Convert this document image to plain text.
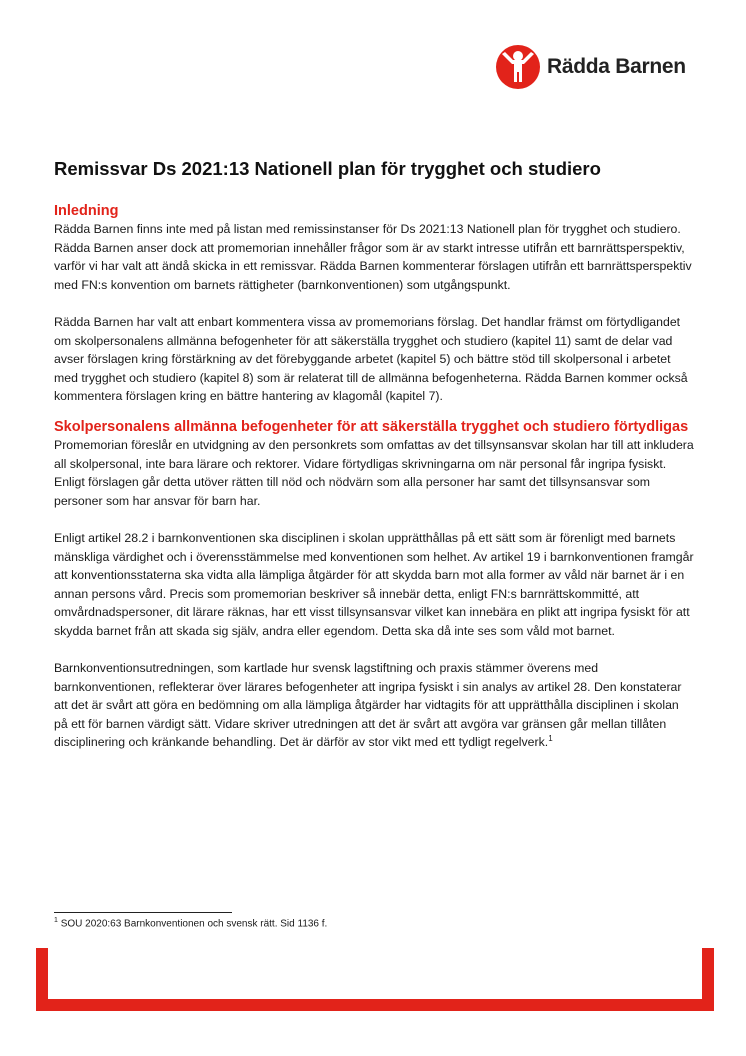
Rädda Barnen
Remissvar Ds 2021:13 Nationell plan för trygghet och studiero
Inledning

Rädda Barnen finns inte med på listan med remissinstanser för Ds 2021:13 Nationell plan för trygghet och studiero. Rädda Barnen anser dock att promemorian innehåller frågor som är av starkt intresse utifrån ett barnrättsperspektiv, varför vi har valt att ändå skicka in ett remissvar. Rädda Barnen kommenterar förslagen utifrån ett barnrättsperspektiv med FN:s konvention om barnets rättigheter (barnkonventionen) som utgångspunkt.

Rädda Barnen har valt att enbart kommentera vissa av promemorians förslag. Det handlar främst om förtydligandet om skolpersonalens allmänna befogenheter för att säkerställa trygghet och studiero (kapitel 11) samt de delar vad avser förslagen kring förstärkning av det förebyggande arbetet (kapitel 5) och bättre stöd till skolpersonal i arbetet med trygghet och studiero (kapitel 8) som är relaterat till de allmänna befogenheterna. Rädda Barnen kommer också kommentera förslagen kring en bättre hantering av klagomål (kapitel 7).

Skolpersonalens allmänna befogenheter för att säkerställa trygghet och studiero förtydligas

Promemorian föreslår en utvidgning av den personkrets som omfattas av det tillsynsansvar skolan har till att inkludera all skolpersonal, inte bara lärare och rektorer. Vidare förtydligas skrivningarna om när personal får ingripa fysiskt. Enligt förslagen går detta utöver rätten till nöd och nödvärn som alla personer har samt det tillsynsansvar som personer som har ansvar för barn har.

Enligt artikel 28.2 i barnkonventionen ska disciplinen i skolan upprätthållas på ett sätt som är förenligt med barnets mänskliga värdighet och i överensstämmelse med konventionen som helhet. Av artikel 19 i barnkonventionen framgår att konventionsstaterna ska vidta alla lämpliga åtgärder för att skydda barn mot alla former av våld när barnet är i en annan persons vård. Precis som promemorian beskriver så innebär detta, enligt FN:s barnrättskommitté, att omvårdnadspersoner, dit lärare räknas, har ett visst tillsynsansvar vilket kan innebära en plikt att ingripa fysiskt för att skydda barnet från att skada sig själv, andra eller egendom. Detta ska då inte ses som våld mot barnet.

Barnkonventionsutredningen, som kartlade hur svensk lagstiftning och praxis stämmer överens med barnkonventionen, reflekterar över lärares befogenheter att ingripa fysiskt i sin analys av artikel 28. Den konstaterar att det är svårt att göra en bedömning om alla lämpliga åtgärder har vidtagits för att upprätthålla disciplinen i skolan på ett för barnen värdigt sätt. Vidare skriver utredningen att det är svårt att avgöra var gränsen går mellan tillåten disciplinering och kränkande behandling. Det är därför av stor vikt med ett tydligt regelverk.$^1$

$^1$ SOU 2020:63 Barnkonventionen och svensk rätt. Sid 1136 f.
